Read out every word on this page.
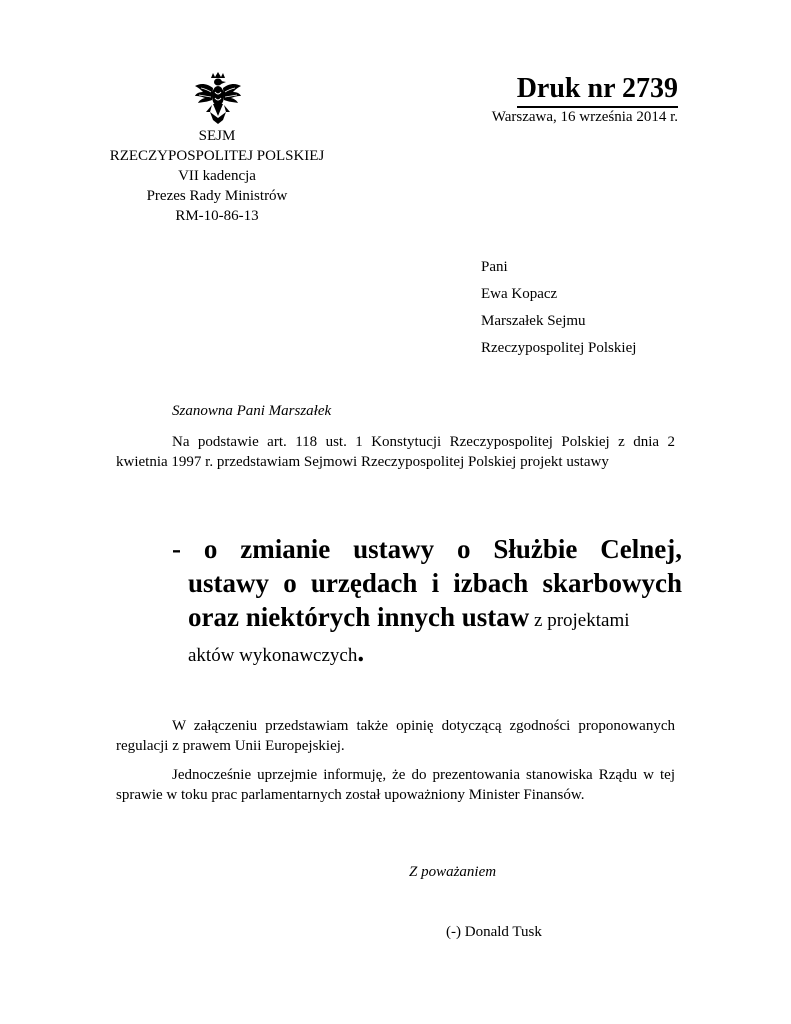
SEJM
RZECZYPOSPOLITEJ POLSKIEJ
VII kadencja
Prezes Rady Ministrów
RM-10-86-13
Druk nr 2739
Warszawa, 16 września 2014 r.
Pani
Ewa Kopacz
Marszałek Sejmu
Rzeczypospolitej Polskiej
Szanowna Pani Marszałek
Na podstawie art. 118 ust. 1 Konstytucji Rzeczypospolitej Polskiej z dnia 2 kwietnia 1997 r. przedstawiam Sejmowi Rzeczypospolitej Polskiej projekt ustawy
- o zmianie ustawy o Służbie Celnej,
ustawy o urzędach i izbach skarbowych
oraz niektórych innych ustaw z projektami
aktów wykonawczych.
W załączeniu przedstawiam także opinię dotyczącą zgodności proponowanych regulacji z prawem Unii Europejskiej.
Jednocześnie uprzejmie informuję, że do prezentowania stanowiska Rządu w tej sprawie w toku prac parlamentarnych został upoważniony Minister Finansów.
Z poważaniem
(-) Donald Tusk
